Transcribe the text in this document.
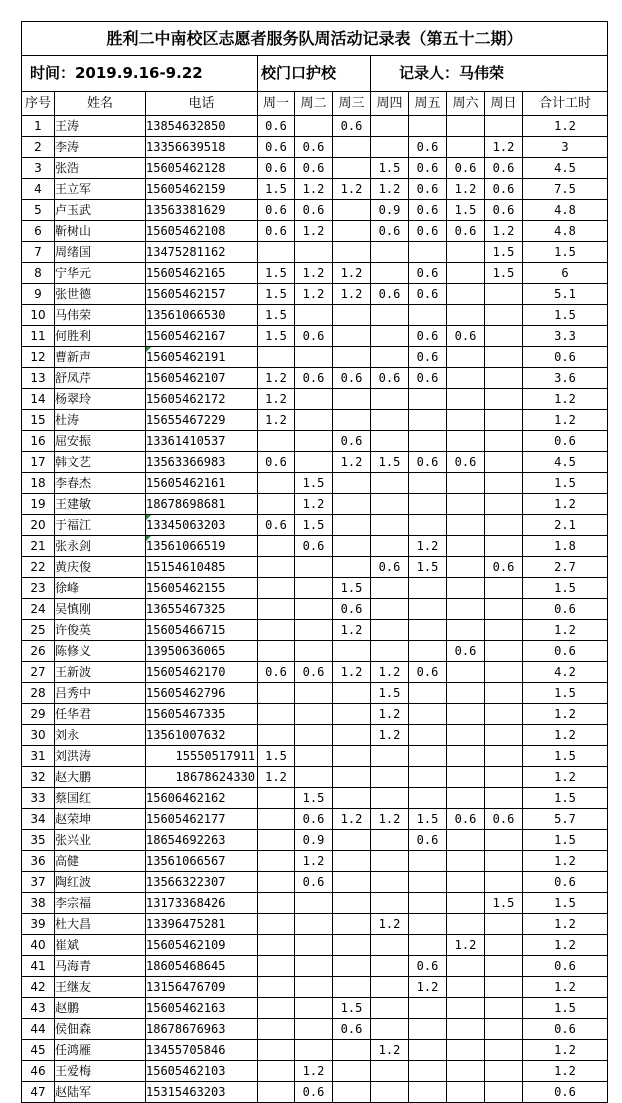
胜利二中南校区志愿者服务队周活动记录表（第五十二期）										
时间：2019.9.16-9.22			校门口护校			记录人：马伟荣				
序号	姓名	电话	周一	周二	周三	周四	周五	周六	周日	合计工时
1	王涛	13854632850	0.6		0.6					1.2
2	李涛	13356639518	0.6	0.6			0.6		1.2	3
3	张浩	15605462128	0.6	0.6		1.5	0.6	0.6	0.6	4.5
4	王立军	15605462159	1.5	1.2	1.2	1.2	0.6	1.2	0.6	7.5
5	卢玉武	13563381629	0.6	0.6		0.9	0.6	1.5	0.6	4.8
6	靳树山	15605462108	0.6	1.2		0.6	0.6	0.6	1.2	4.8
7	周绪国	13475281162							1.5	1.5
8	宁华元	15605462165	1.5	1.2	1.2		0.6		1.5	6
9	张世德	15605462157	1.5	1.2	1.2	0.6	0.6			5.1
10	马伟荣	13561066530	1.5							1.5
11	何胜利	15605462167	1.5	0.6			0.6	0.6		3.3
12	曹新声	15605462191					0.6			0.6
13	舒凤芹	15605462107	1.2	0.6	0.6	0.6	0.6			3.6
14	杨翠玲	15605462172	1.2							1.2
15	杜涛	15655467229	1.2							1.2
16	屈安振	13361410537			0.6					0.6
17	韩文艺	13563366983	0.6		1.2	1.5	0.6	0.6		4.5
18	李春杰	15605462161		1.5						1.5
19	王建敏	18678698681		1.2						1.2
20	于福江	13345063203	0.6	1.5						2.1
21	张永剑	13561066519		0.6			1.2			1.8
22	黄庆俊	15154610485				0.6	1.5		0.6	2.7
23	徐峰	15605462155			1.5					1.5
24	吴慎刚	13655467325			0.6					0.6
25	许俊英	15605466715			1.2					1.2
26	陈修义	13950636065						0.6		0.6
27	王新波	15605462170	0.6	0.6	1.2	1.2	0.6			4.2
28	吕秀中	15605462796				1.5				1.5
29	任华君	15605467335				1.2				1.2
30	刘永	13561007632				1.2				1.2
31	刘洪涛	15550517911	1.5							1.5
32	赵大鹏	18678624330	1.2							1.2
33	蔡国红	15606462162		1.5						1.5
34	赵荣坤	15605462177		0.6	1.2	1.2	1.5	0.6	0.6	5.7
35	张兴业	18654692263		0.9			0.6			1.5
36	高健	13561066567		1.2						1.2
37	陶红波	13566322307		0.6						0.6
38	李宗福	13173368426							1.5	1.5
39	杜大昌	13396475281				1.2				1.2
40	崔斌	15605462109						1.2		1.2
41	马海青	18605468645					0.6			0.6
42	王继友	13156476709					1.2			1.2
43	赵鹏	15605462163			1.5					1.5
44	侯佃森	18678676963			0.6					0.6
45	任鸿雁	13455705846				1.2				1.2
46	王爱梅	15605462103		1.2						1.2
47	赵陆军	15315463203		0.6						0.6
